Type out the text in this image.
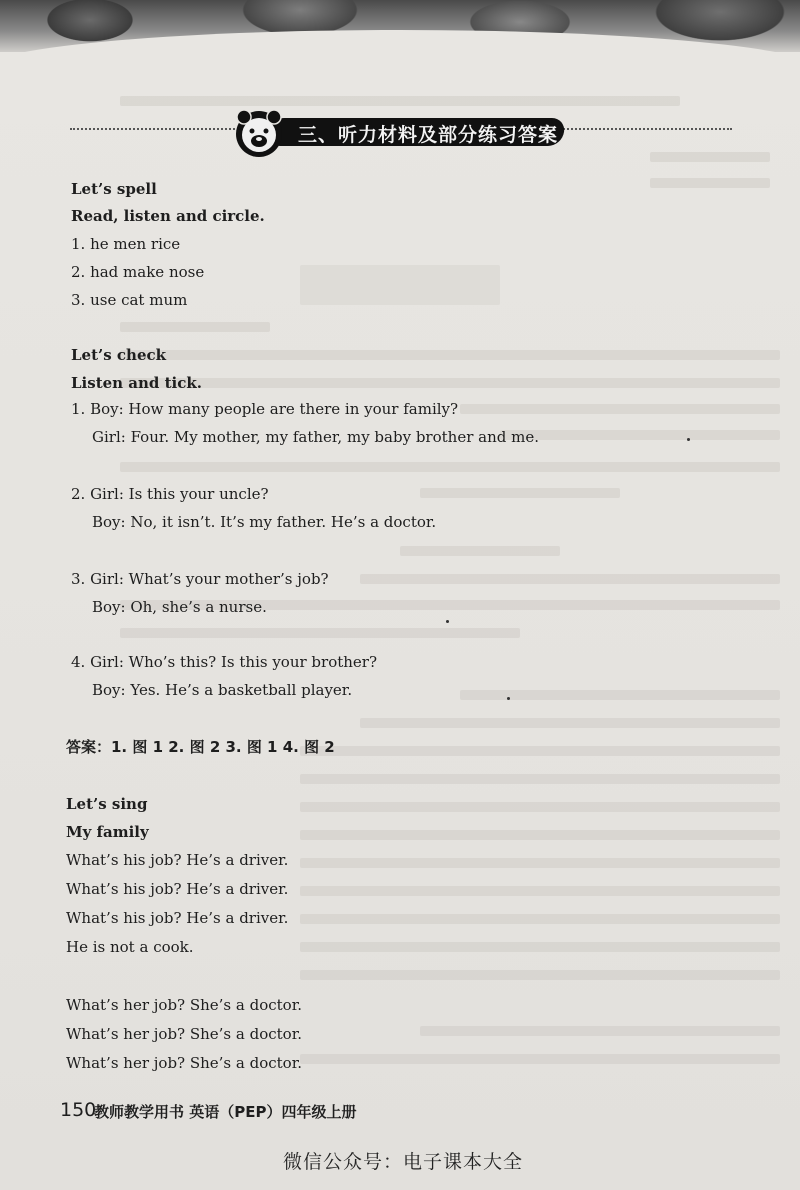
三、听力材料及部分练习答案
Let’s spell
Read, listen and circle.
1. he men rice
2. had make nose
3. use cat mum
Let’s check
Listen and tick.
1. Boy: How many people are there in your family?
Girl: Four. My mother, my father, my baby brother and me.
2. Girl: Is this your uncle?
Boy: No, it isn’t. It’s my father. He’s a doctor.
3. Girl: What’s your mother’s job?
Boy: Oh, she’s a nurse.
4. Girl: Who’s this? Is this your brother?
Boy: Yes. He’s a basketball player.
答案：1. 图 1 2. 图 2 3. 图 1 4. 图 2
Let’s sing
My family
What’s his job? He’s a driver.
What’s his job? He’s a driver.
What’s his job? He’s a driver.
He is not a cook.
What’s her job? She’s a doctor.
What’s her job? She’s a doctor.
What’s her job? She’s a doctor.
150
教师教学用书 英语（PEP）四年级上册
微信公众号：电子课本大全
